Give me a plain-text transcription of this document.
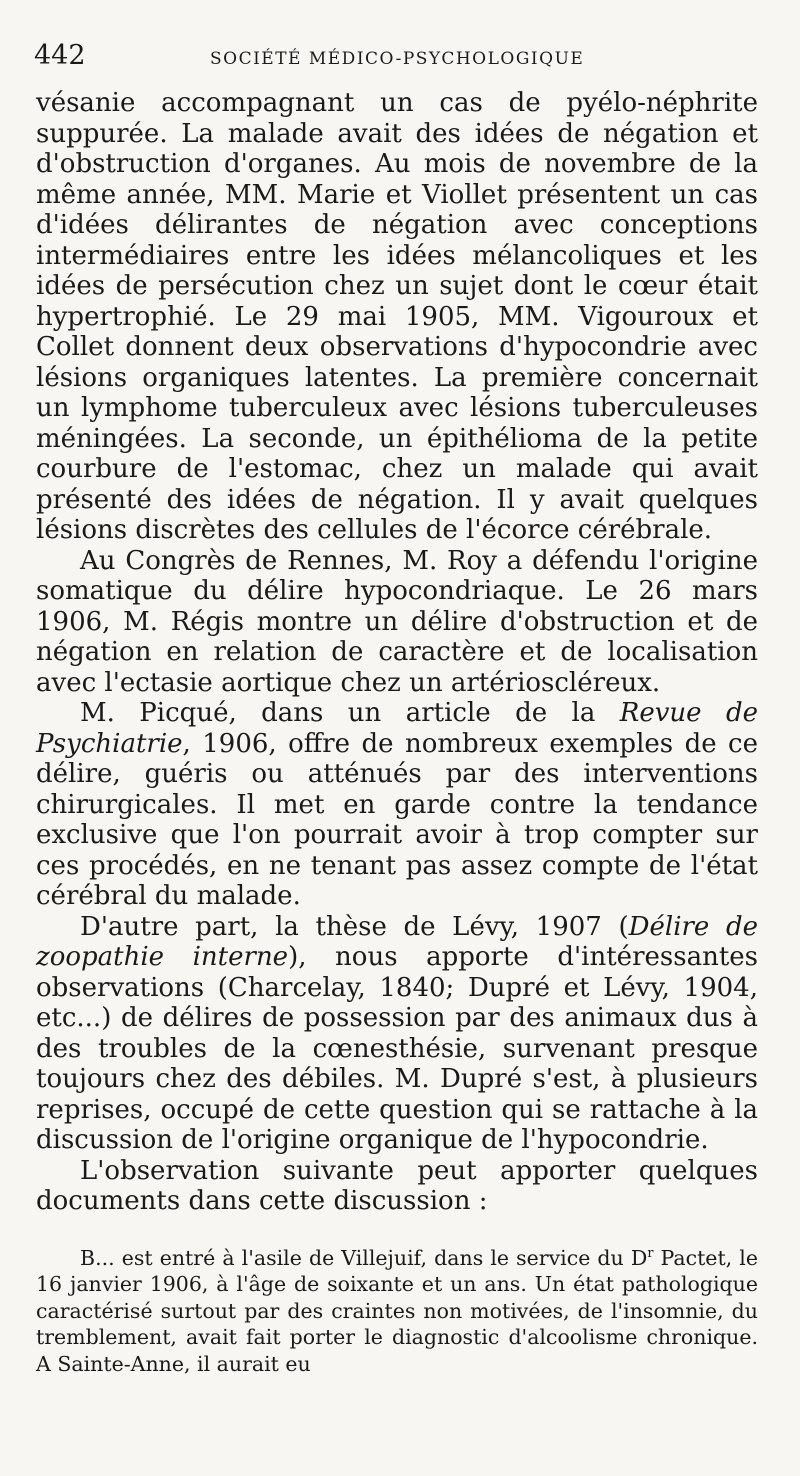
442	SOCIÉTÉ MÉDICO-PSYCHOLOGIQUE

vésanie accompagnant un cas de pyélo-néphrite suppurée. La malade avait des idées de négation et d'obstruction d'organes. Au mois de novembre de la même année, MM. Marie et Viollet présentent un cas d'idées délirantes de négation avec conceptions intermédiaires entre les idées mélancoliques et les idées de persécution chez un sujet dont le cœur était hypertrophié. Le 29 mai 1905, MM. Vigouroux et Collet donnent deux observations d'hypocondrie avec lésions organiques latentes. La première concernait un lymphome tuberculeux avec lésions tuberculeuses méningées. La seconde, un épithélioma de la petite courbure de l'estomac, chez un malade qui avait présenté des idées de négation. Il y avait quelques lésions discrètes des cellules de l'écorce cérébrale.

Au Congrès de Rennes, M. Roy a défendu l'origine somatique du délire hypocondriaque. Le 26 mars 1906, M. Régis montre un délire d'obstruction et de négation en relation de caractère et de localisation avec l'ectasie aortique chez un artérioscléreux.

M. Picqué, dans un article de la Revue de Psychiatrie, 1906, offre de nombreux exemples de ce délire, guéris ou atténués par des interventions chirurgicales. Il met en garde contre la tendance exclusive que l'on pourrait avoir à trop compter sur ces procédés, en ne tenant pas assez compte de l'état cérébral du malade.

D'autre part, la thèse de Lévy, 1907 (Délire de zoopathie interne), nous apporte d'intéressantes observations (Charcelay, 1840; Dupré et Lévy, 1904, etc...) de délires de possession par des animaux dus à des troubles de la cœnesthésie, survenant presque toujours chez des débiles. M. Dupré s'est, à plusieurs reprises, occupé de cette question qui se rattache à la discussion de l'origine organique de l'hypocondrie.

L'observation suivante peut apporter quelques documents dans cette discussion :

B... est entré à l'asile de Villejuif, dans le service du $D^r$ Pactet, le 16 janvier 1906, à l'âge de soixante et un ans. Un état pathologique caractérisé surtout par des craintes non motivées, de l'insomnie, du tremblement, avait fait porter le diagnostic d'alcoolisme chronique. A Sainte-Anne, il aurait eu
